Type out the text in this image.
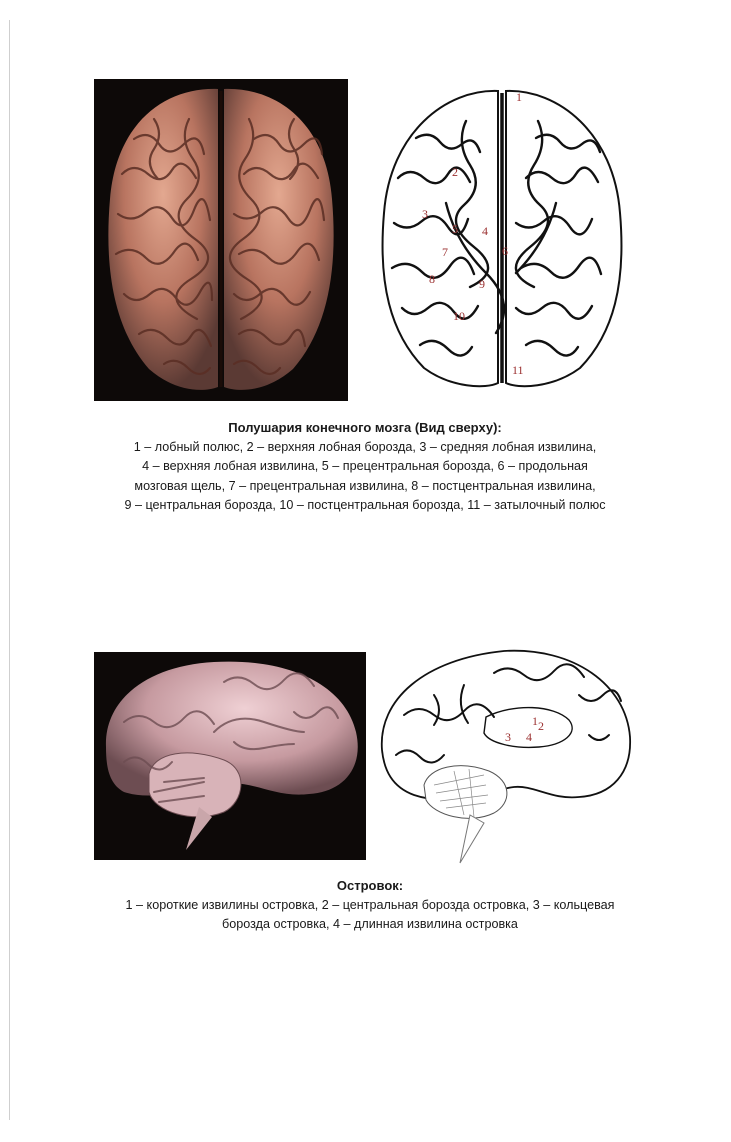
1
2
3
4
5
6
7
8	9
10
11
Полушария конечного мозга (Вид сверху):
1 – лобный полюс, 2 – верхняя лобная борозда, 3 – средняя лобная извилина,
4 – верхняя лобная извилина, 5 – прецентральная борозда, 6 – продольная
мозговая щель, 7 – прецентральная извилина, 8 – постцентральная извилина,
9 – центральная борозда, 10 – постцентральная борозда, 11 – затылочный полюс
1 2
3 4
Островок:
1 – короткие извилины островка, 2 – центральная борозда островка, 3 – кольцевая
борозда островка, 4 – длинная извилина островка
